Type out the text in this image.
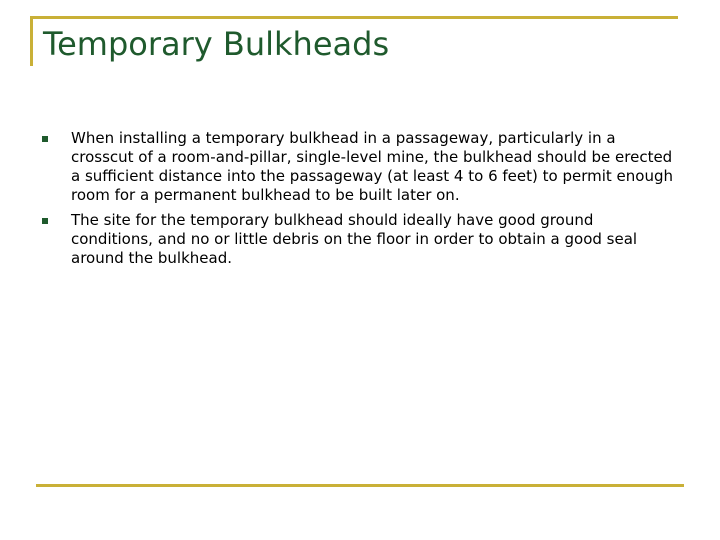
Temporary Bulkheads
When installing a temporary bulkhead in a passageway, particularly in a crosscut of a room-and-pillar, single-level mine, the bulkhead should be erected a sufficient distance into the passageway (at least 4 to 6 feet) to permit enough room for a permanent bulkhead to be built later on.
The site for the temporary bulkhead should ideally have good ground conditions, and no or little debris on the floor in order to obtain a good seal around the bulkhead.
